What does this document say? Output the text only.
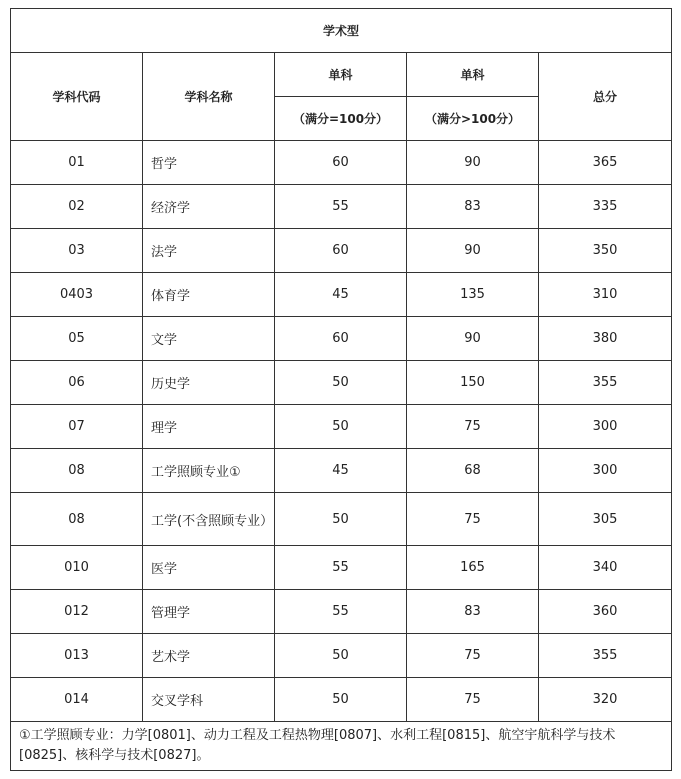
学术型				
学科代码	学科名称	单科	单科	总分
		（满分=100分）	（满分>100分）	
01	哲学	60	90	365
02	经济学	55	83	335
03	法学	60	90	350
0403	体育学	45	135	310
05	文学	60	90	380
06	历史学	50	150	355
07	理学	50	75	300
08	工学照顾专业①	45	68	300
08	工学(不含照顾专业）	50	75	305
010	医学	55	165	340
012	管理学	55	83	360
013	艺术学	50	75	355
014	交叉学科	50	75	320
①工学照顾专业：力学[0801]、动力工程及工程热物理[0807]、水利工程[0815]、航空宇航科学与技术[0825]、核科学与技术[0827]。				
